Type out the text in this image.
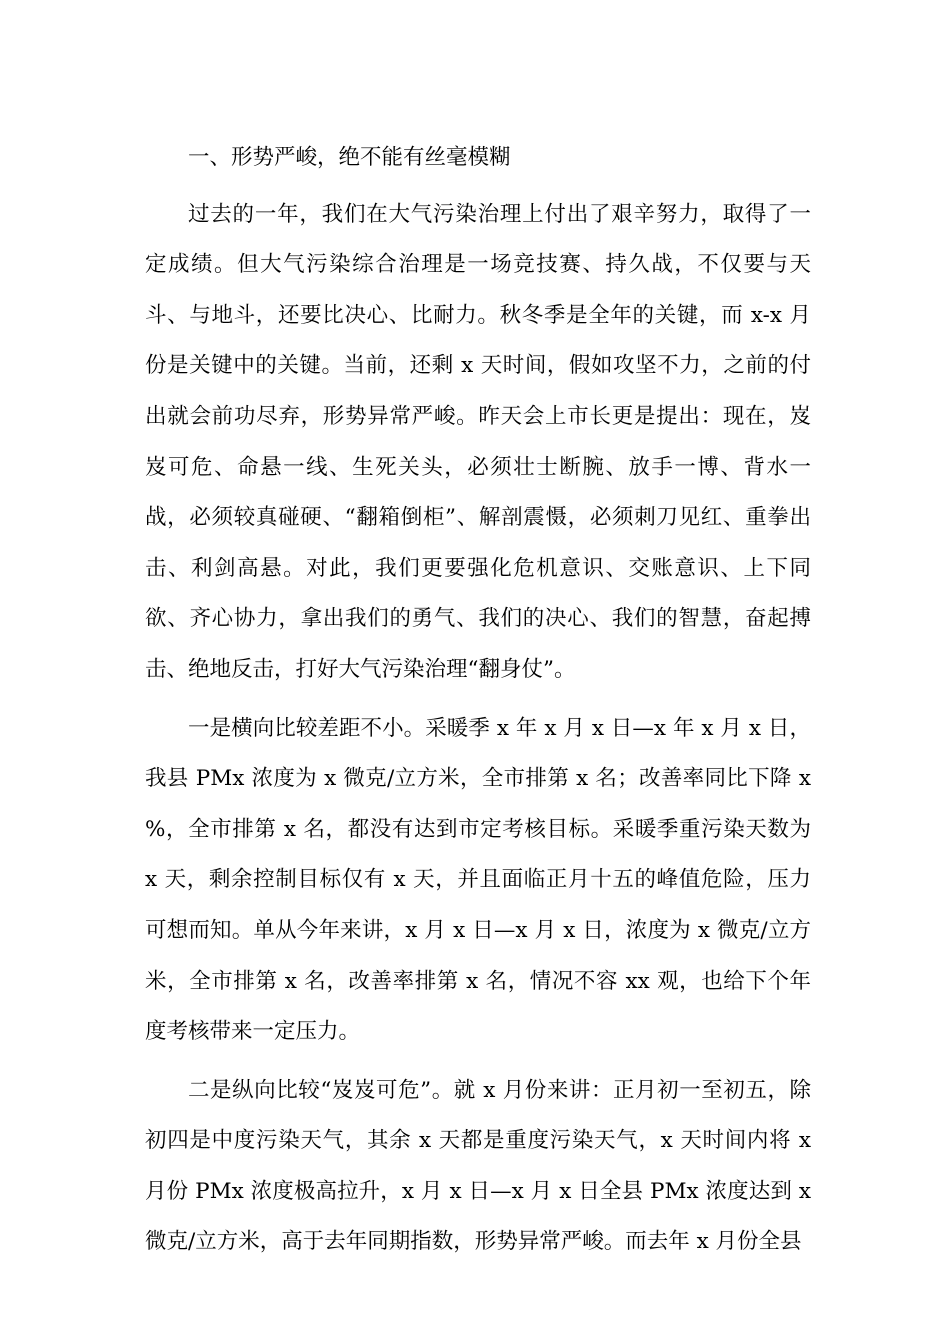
一、形势严峻，绝不能有丝毫模糊

过去的一年，我们在大气污染治理上付出了艰辛努力，取得了一定成绩。但大气污染综合治理是一场竞技赛、持久战，不仅要与天斗、与地斗，还要比决心、比耐力。秋冬季是全年的关键，而 x-x 月份是关键中的关键。当前，还剩 x 天时间，假如攻坚不力，之前的付出就会前功尽弃，形势异常严峻。昨天会上市长更是提出：现在，岌岌可危、命悬一线、生死关头，必须壮士断腕、放手一博、背水一战，必须较真碰硬、“翻箱倒柜”、解剖震慑，必须刺刀见红、重拳出击、利剑高悬。对此，我们更要强化危机意识、交账意识、上下同欲、齐心协力，拿出我们的勇气、我们的决心、我们的智慧，奋起搏击、绝地反击，打好大气污染治理“翻身仗”。

一是横向比较差距不小。采暖季 x 年 x 月 x 日—x 年 x 月 x 日，我县 PMx 浓度为 x 微克/立方米，全市排第 x 名；改善率同比下降 x %，全市排第 x 名，都没有达到市定考核目标。采暖季重污染天数为 x 天，剩余控制目标仅有 x 天，并且面临正月十五的峰值危险，压力可想而知。单从今年来讲，x 月 x 日—x 月 x 日，浓度为 x 微克/立方米，全市排第 x 名，改善率排第 x 名，情况不容 xx 观，也给下个年度考核带来一定压力。

二是纵向比较“岌岌可危”。就 x 月份来讲：正月初一至初五，除初四是中度污染天气，其余 x 天都是重度污染天气，x 天时间内将 x 月份 PMx 浓度极高拉升，x 月 x 日—x 月 x 日全县 PMx 浓度达到 x 微克/立方米，高于去年同期指数，形势异常严峻。而去年 x 月份全县
